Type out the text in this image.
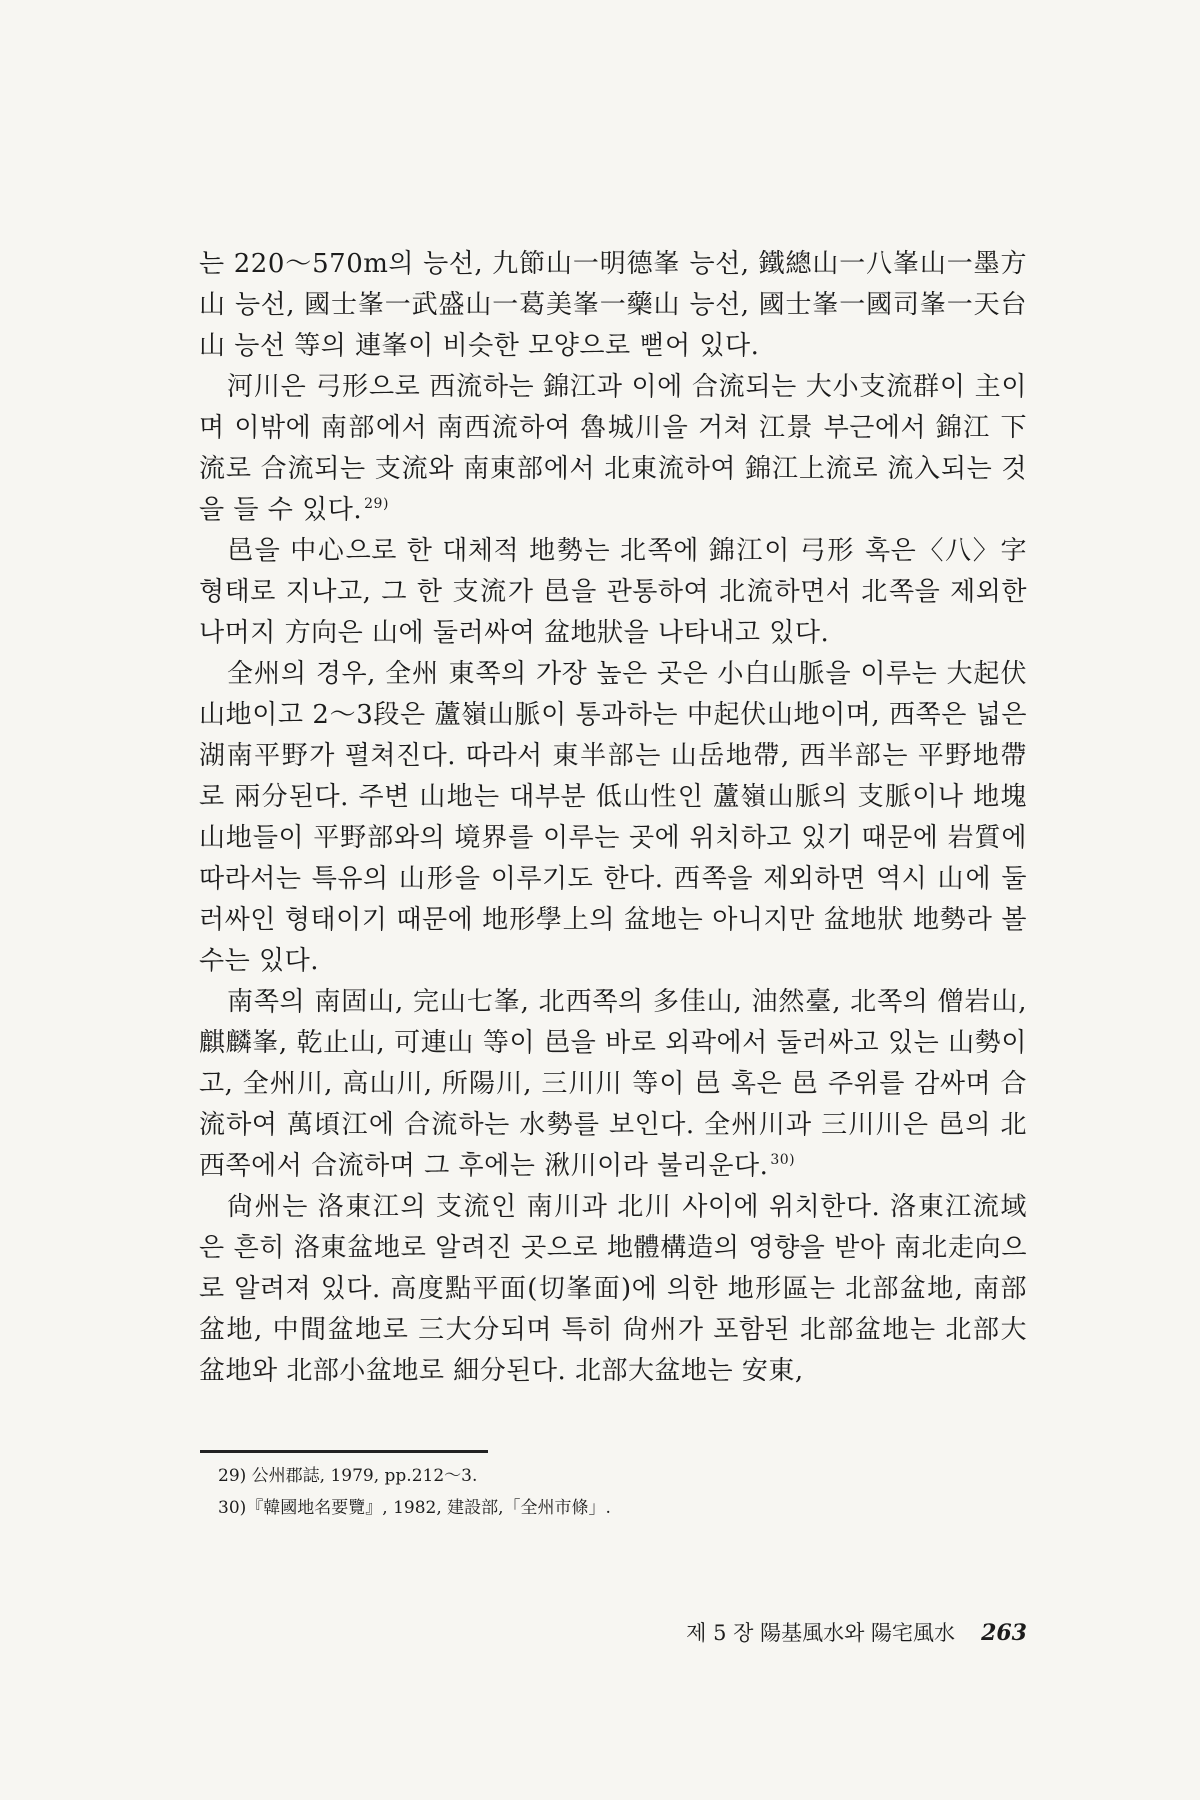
는 220～570m의 능선, 九節山一明德峯 능선, 鐵總山一八峯山一墨方山 능선, 國士峯一武盛山一葛美峯一藥山 능선, 國士峯一國司峯一天台山 능선 等의 連峯이 비슷한 모양으로 뻗어 있다.

河川은 弓形으로 西流하는 錦江과 이에 合流되는 大小支流群이 主이며 이밖에 南部에서 南西流하여 魯城川을 거쳐 江景 부근에서 錦江 下流로 合流되는 支流와 南東部에서 北東流하여 錦江上流로 流入되는 것을 들 수 있다. $^{29)}$

邑을 中心으로 한 대체적 地勢는 北쪽에 錦江이 弓形 혹은〈八〉字 형태로 지나고, 그 한 支流가 邑을 관통하여 北流하면서 北쪽을 제외한 나머지 方向은 山에 둘러싸여 盆地狀을 나타내고 있다.

全州의 경우, 全州 東쪽의 가장 높은 곳은 小白山脈을 이루는 大起伏山地이고 2～3段은 蘆嶺山脈이 통과하는 中起伏山地이며, 西쪽은 넓은 湖南平野가 펼쳐진다. 따라서 東半部는 山岳地帶, 西半部는 平野地帶로 兩分된다. 주변 山地는 대부분 低山性인 蘆嶺山脈의 支脈이나 地塊山地들이 平野部와의 境界를 이루는 곳에 위치하고 있기 때문에 岩質에 따라서는 특유의 山形을 이루기도 한다. 西쪽을 제외하면 역시 山에 둘러싸인 형태이기 때문에 地形學上의 盆地는 아니지만 盆地狀 地勢라 볼 수는 있다.

南쪽의 南固山, 完山七峯, 北西쪽의 多佳山, 油然臺, 北쪽의 僧岩山, 麒麟峯, 乾止山, 可連山 等이 邑을 바로 외곽에서 둘러싸고 있는 山勢이고, 全州川, 高山川, 所陽川, 三川川 等이 邑 혹은 邑 주위를 감싸며 合流하여 萬頃江에 合流하는 水勢를 보인다. 全州川과 三川川은 邑의 北西쪽에서 合流하며 그 후에는 湫川이라 불리운다. $^{30)}$

尙州는 洛東江의 支流인 南川과 北川 사이에 위치한다. 洛東江流域은 흔히 洛東盆地로 알려진 곳으로 地體構造의 영향을 받아 南北走向으로 알려져 있다. 高度點平面(切峯面)에 의한 地形區는 北部盆地, 南部盆地, 中間盆地로 三大分되며 특히 尙州가 포함된 北部盆地는 北部大盆地와 北部小盆地로 細分된다. 北部大盆地는 安東,

29) 公州郡誌, 1979, pp.212～3.
30)『韓國地名要覽』, 1982, 建設部,「全州市條」.
제 5 장 陽基風水와 陽宅風水 263
